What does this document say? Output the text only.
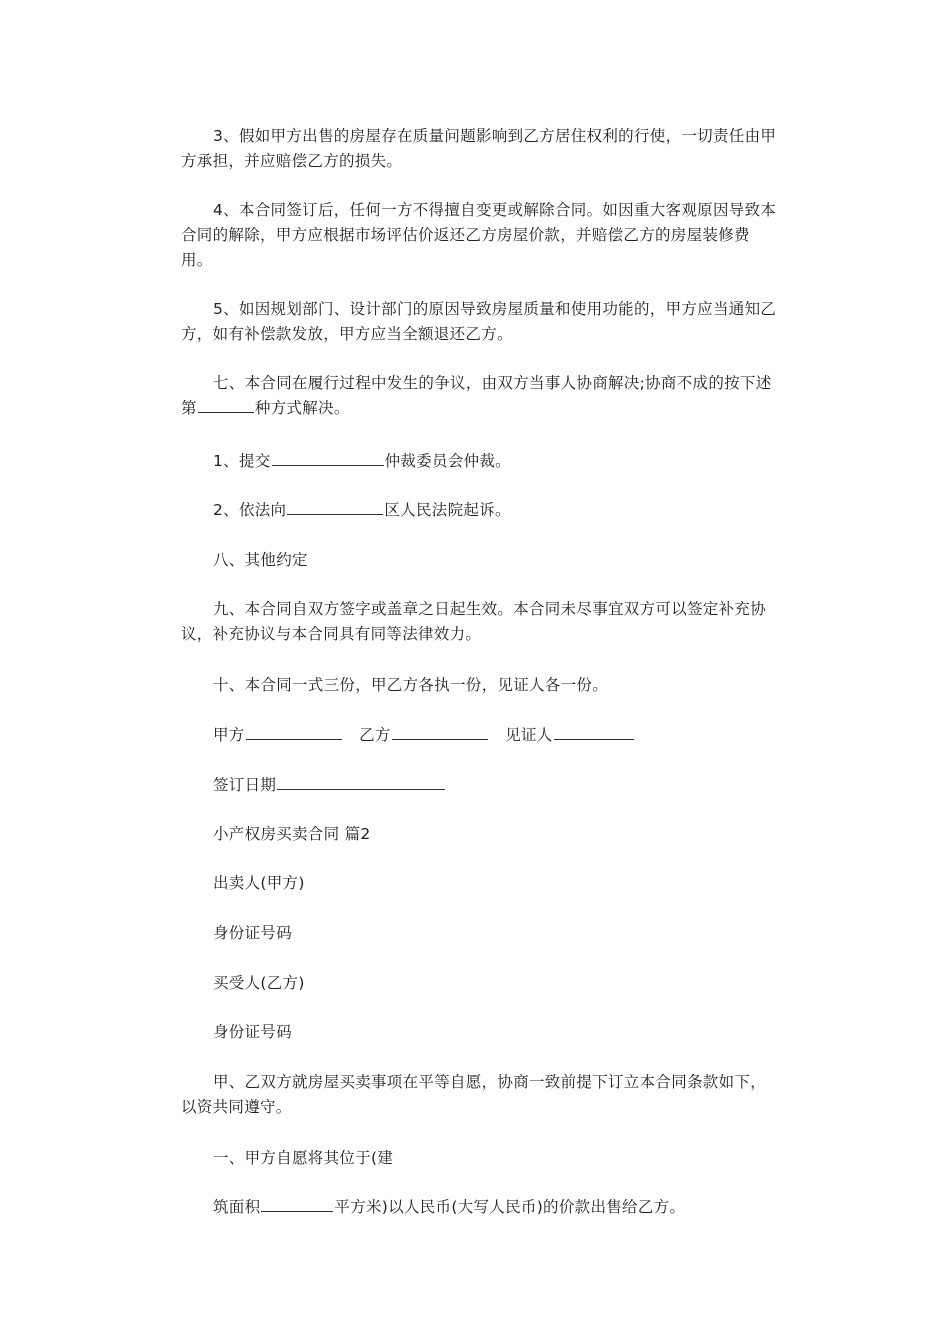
3、假如甲方出售的房屋存在质量问题影响到乙方居住权利的行使，一切责任由甲方承担，并应赔偿乙方的损失。

4、本合同签订后，任何一方不得擅自变更或解除合同。如因重大客观原因导致本合同的解除，甲方应根据市场评估价返还乙方房屋价款，并赔偿乙方的房屋装修费用。

5、如因规划部门、设计部门的原因导致房屋质量和使用功能的，甲方应当通知乙方，如有补偿款发放，甲方应当全额退还乙方。

七、本合同在履行过程中发生的争议，由双方当事人协商解决;协商不成的按下述第	种方式解决。

1、提交	仲裁委员会仲裁。

2、依法向	区人民法院起诉。

八、其他约定

九、本合同自双方签字或盖章之日起生效。本合同未尽事宜双方可以签定补充协议，补充协议与本合同具有同等法律效力。

十、本合同一式三份，甲乙方各执一份，见证人各一份。

甲方	乙方	见证人

签订日期

小产权房买卖合同 篇2

出卖人(甲方)

身份证号码

买受人(乙方)

身份证号码

甲、乙双方就房屋买卖事项在平等自愿，协商一致前提下订立本合同条款如下，以资共同遵守。

一、甲方自愿将其位于(建

筑面积	平方米)以人民币(大写人民币)的价款出售给乙方。
